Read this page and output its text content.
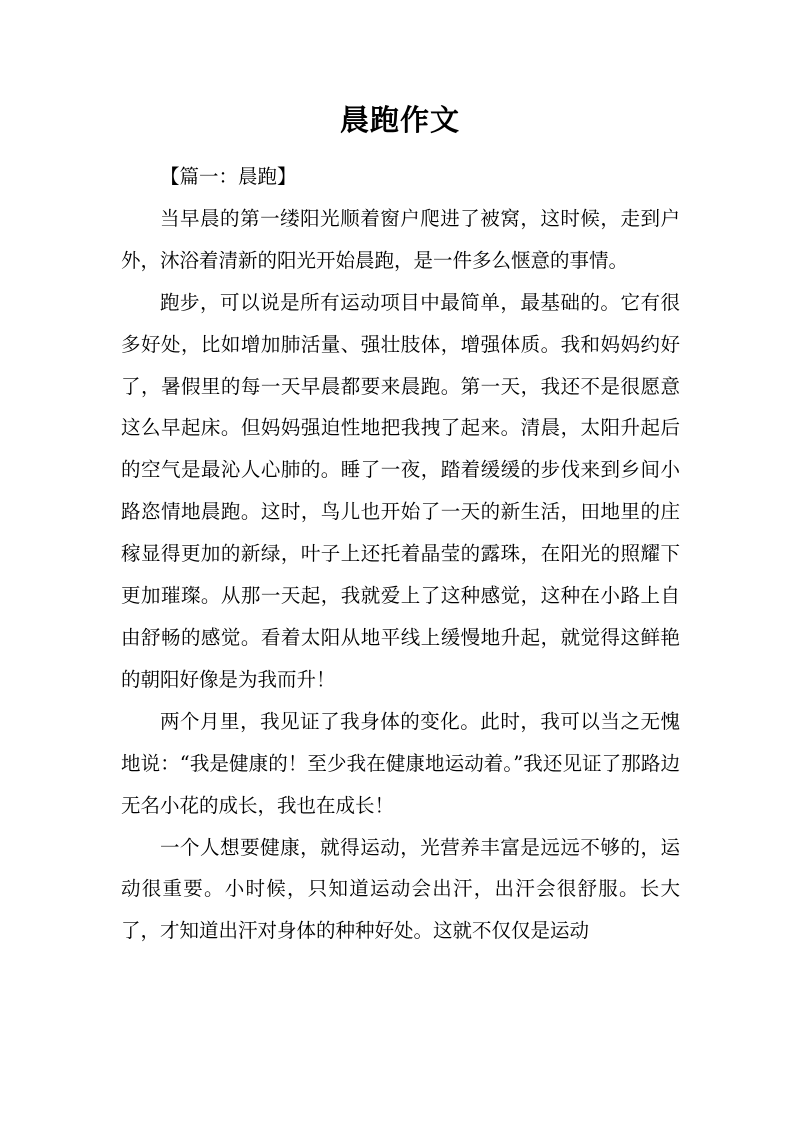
晨跑作文

【篇一：晨跑】

当早晨的第一缕阳光顺着窗户爬进了被窝，这时候，走到户外，沐浴着清新的阳光开始晨跑，是一件多么惬意的事情。

跑步，可以说是所有运动项目中最简单，最基础的。它有很多好处，比如增加肺活量、强壮肢体，增强体质。我和妈妈约好了，暑假里的每一天早晨都要来晨跑。第一天，我还不是很愿意这么早起床。但妈妈强迫性地把我拽了起来。清晨，太阳升起后的空气是最沁人心肺的。睡了一夜，踏着缓缓的步伐来到乡间小路恣情地晨跑。这时，鸟儿也开始了一天的新生活，田地里的庄稼显得更加的新绿，叶子上还托着晶莹的露珠，在阳光的照耀下更加璀璨。从那一天起，我就爱上了这种感觉，这种在小路上自由舒畅的感觉。看着太阳从地平线上缓慢地升起，就觉得这鲜艳的朝阳好像是为我而升！

两个月里，我见证了我身体的变化。此时，我可以当之无愧地说：“我是健康的！至少我在健康地运动着。”我还见证了那路边无名小花的成长，我也在成长！

一个人想要健康，就得运动，光营养丰富是远远不够的，运动很重要。小时候，只知道运动会出汗，出汗会很舒服。长大了，才知道出汗对身体的种种好处。这就不仅仅是运动
